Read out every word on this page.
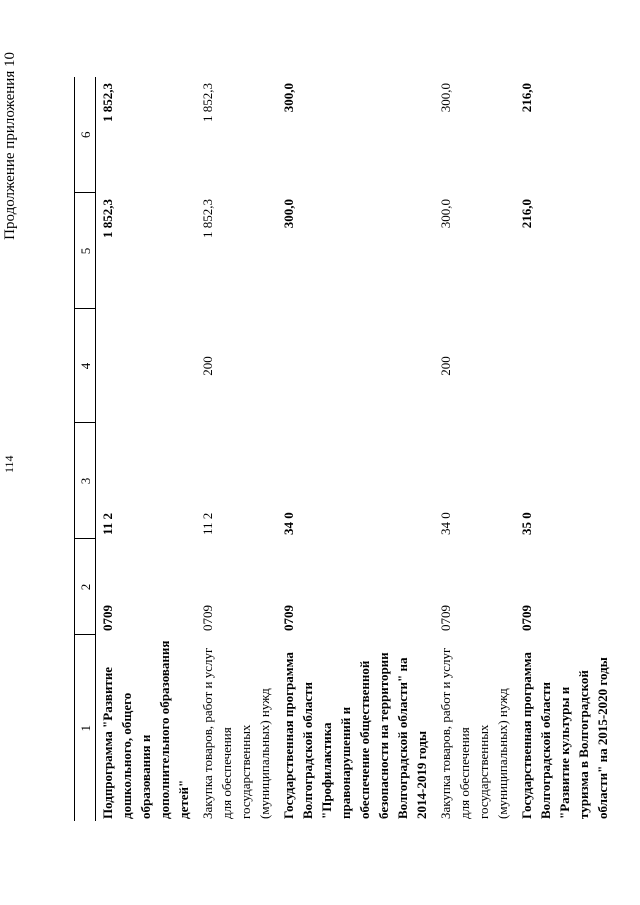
114
Продолжение приложения 10
1	2	3	4	5	6
Подпрограмма "Развитие дошкольного, общего образования и дополнительного образования детей"	0709	11 2		1 852,3	1 852,3
Закупка товаров, работ и услуг для обеспечения государственных (муниципальных) нужд	0709	11 2	200	1 852,3	1 852,3
Государственная программа Волгоградской области "Профилактика правонарушений и обеспечение общественной безопасности на территории Волгоградской области" на 2014-2019 годы	0709	34 0		300,0	300,0
Закупка товаров, работ и услуг для обеспечения государственных (муниципальных) нужд	0709	34 0	200	300,0	300,0
Государственная программа Волгоградской области "Развитие культуры и туризма в Волгоградской области" на 2015-2020 годы	0709	35 0		216,0	216,0
